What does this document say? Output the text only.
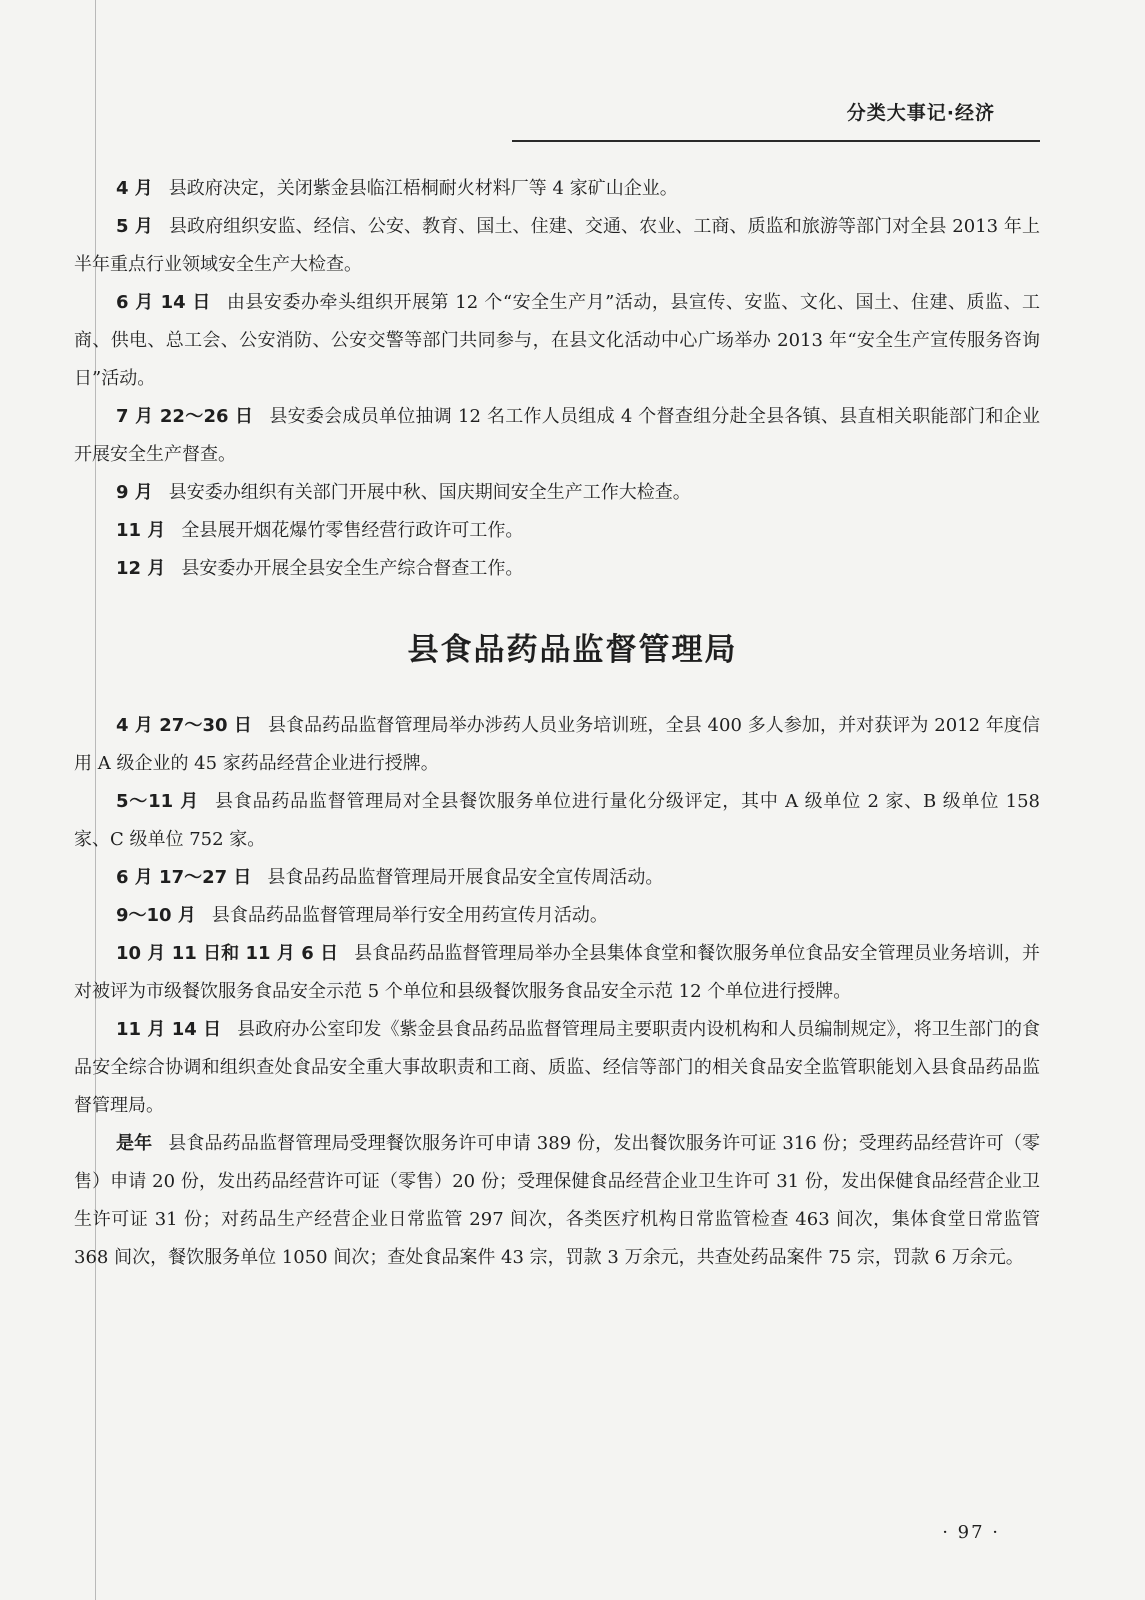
分类大事记·经济

4 月 县政府决定，关闭紫金县临江梧桐耐火材料厂等 4 家矿山企业。

5 月 县政府组织安监、经信、公安、教育、国土、住建、交通、农业、工商、质监和旅游等部门对全县 2013 年上半年重点行业领域安全生产大检查。

6 月 14 日 由县安委办牵头组织开展第 12 个“安全生产月”活动，县宣传、安监、文化、国土、住建、质监、工商、供电、总工会、公安消防、公安交警等部门共同参与，在县文化活动中心广场举办 2013 年“安全生产宣传服务咨询日”活动。

7 月 22～26 日 县安委会成员单位抽调 12 名工作人员组成 4 个督查组分赴全县各镇、县直相关职能部门和企业开展安全生产督查。

9 月 县安委办组织有关部门开展中秋、国庆期间安全生产工作大检查。

11 月 全县展开烟花爆竹零售经营行政许可工作。

12 月 县安委办开展全县安全生产综合督查工作。

县食品药品监督管理局

4 月 27～30 日 县食品药品监督管理局举办涉药人员业务培训班，全县 400 多人参加，并对获评为 2012 年度信用 A 级企业的 45 家药品经营企业进行授牌。

5～11 月 县食品药品监督管理局对全县餐饮服务单位进行量化分级评定，其中 A 级单位 2 家、B 级单位 158 家、C 级单位 752 家。

6 月 17～27 日 县食品药品监督管理局开展食品安全宣传周活动。

9～10 月 县食品药品监督管理局举行安全用药宣传月活动。

10 月 11 日和 11 月 6 日 县食品药品监督管理局举办全县集体食堂和餐饮服务单位食品安全管理员业务培训，并对被评为市级餐饮服务食品安全示范 5 个单位和县级餐饮服务食品安全示范 12 个单位进行授牌。

11 月 14 日 县政府办公室印发《紫金县食品药品监督管理局主要职责内设机构和人员编制规定》，将卫生部门的食品安全综合协调和组织查处食品安全重大事故职责和工商、质监、经信等部门的相关食品安全监管职能划入县食品药品监督管理局。

是年 县食品药品监督管理局受理餐饮服务许可申请 389 份，发出餐饮服务许可证 316 份；受理药品经营许可（零售）申请 20 份，发出药品经营许可证（零售）20 份；受理保健食品经营企业卫生许可 31 份，发出保健食品经营企业卫生许可证 31 份；对药品生产经营企业日常监管 297 间次，各类医疗机构日常监管检查 463 间次，集体食堂日常监管 368 间次，餐饮服务单位 1050 间次；查处食品案件 43 宗，罚款 3 万余元，共查处药品案件 75 宗，罚款 6 万余元。

· 97 ·
